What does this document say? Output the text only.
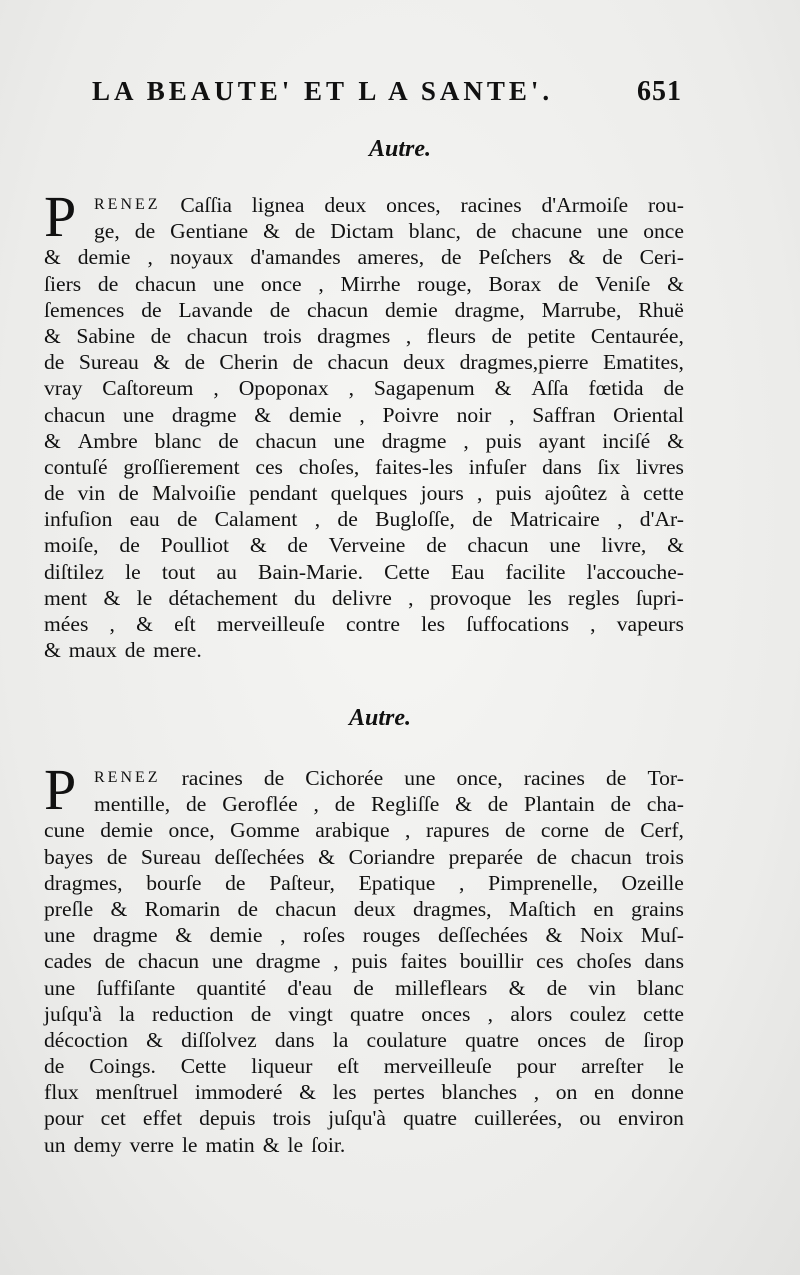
LA BEAUTE' ET L A SANTE'.	651
Autre.
P RENEZ Caſſia lignea deux onces, racines d'Armoiſe rou-
ge, de Gentiane & de Dictam blanc, de chacune une once
& demie , noyaux d'amandes ameres, de Peſchers & de Ceri-
ſiers de chacun une once , Mirrhe rouge, Borax de Veniſe &
ſemences de Lavande de chacun demie dragme, Marrube, Rhuë
& Sabine de chacun trois dragmes , fleurs de petite Centaurée,
de Sureau & de Cherin de chacun deux dragmes,pierre Ematites,
vray Caſtoreum , Opoponax , Sagapenum & Aſſa fœtida de
chacun une dragme & demie , Poivre noir , Saffran Oriental
& Ambre blanc de chacun une dragme , puis ayant inciſé &
contuſé groſſierement ces choſes, faites-les infuſer dans ſix livres
de vin de Malvoiſie pendant quelques jours , puis ajoûtez à cette
infuſion eau de Calament , de Bugloſſe, de Matricaire , d'Ar-
moiſe, de Poulliot & de Verveine de chacun une livre, &
diſtilez le tout au Bain-Marie. Cette Eau facilite l'accouche-
ment & le détachement du delivre , provoque les regles ſupri-
mées , & eſt merveilleuſe contre les ſuffocations , vapeurs
& maux de mere.
Autre.
P RENEZ racines de Cichorée une once, racines de Tor-
mentille, de Geroflée , de Regliſſe & de Plantain de cha-
cune demie once, Gomme arabique , rapures de corne de Cerf,
bayes de Sureau deſſechées & Coriandre preparée de chacun trois
dragmes, bourſe de Paſteur, Epatique , Pimprenelle, Ozeille
preſle & Romarin de chacun deux dragmes, Maſtich en grains
une dragme & demie , roſes rouges deſſechées & Noix Muſ-
cades de chacun une dragme , puis faites bouillir ces choſes dans
une ſuffiſante quantité d'eau de milleflears & de vin blanc
juſqu'à la reduction de vingt quatre onces , alors coulez cette
décoction & diſſolvez dans la coulature quatre onces de ſirop
de Coings. Cette liqueur eſt merveilleuſe pour arreſter le
flux menſtruel immoderé & les pertes blanches , on en donne
pour cet effet depuis trois juſqu'à quatre cuillerées, ou environ
un demy verre le matin & le ſoir.
